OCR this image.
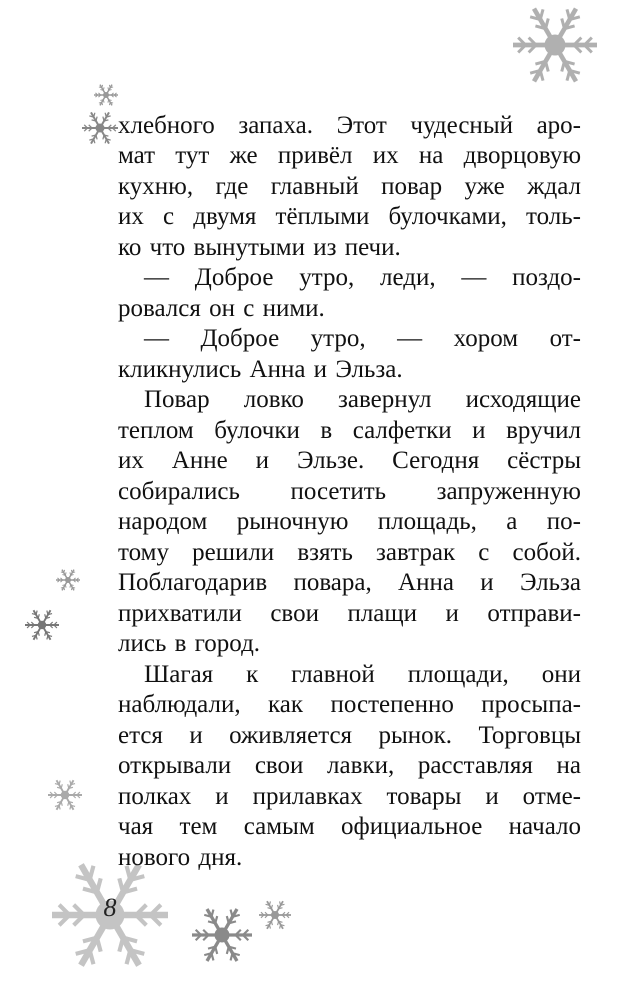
хлебного запаха. Этот чудесный аро-
мат тут же привёл их на дворцовую
кухню, где главный повар уже ждал
их с двумя тёплыми булочками, толь-
ко что вынутыми из печи.
— Доброе утро, леди, — поздо-
ровался он с ними.
— Доброе утро, — хором от-
кликнулись Анна и Эльза.
Повар ловко завернул исходящие
теплом булочки в салфетки и вручил
их Анне и Эльзе. Сегодня сёстры
собирались посетить запруженную
народом рыночную площадь, а по-
тому решили взять завтрак с собой.
Поблагодарив повара, Анна и Эльза
прихватили свои плащи и отправи-
лись в город.
Шагая к главной площади, они
наблюдали, как постепенно просыпа-
ется и оживляется рынок. Торговцы
открывали свои лавки, расставляя на
полках и прилавках товары и отме-
чая тем самым официальное начало
нового дня.
8
